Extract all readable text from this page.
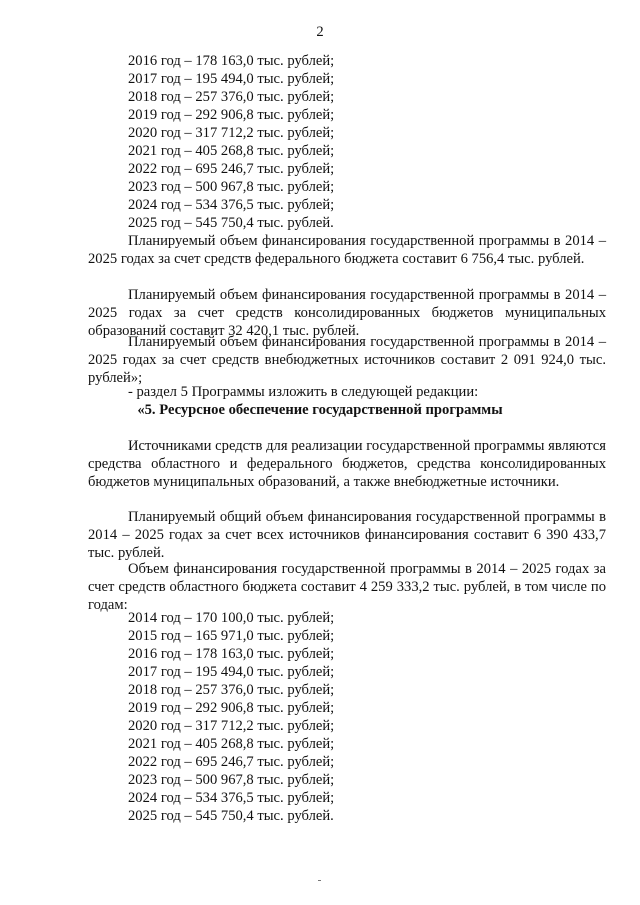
2
2016 год – 178 163,0 тыс. рублей;
2017 год – 195 494,0 тыс. рублей;
2018 год – 257 376,0 тыс. рублей;
2019 год – 292 906,8 тыс. рублей;
2020 год – 317 712,2 тыс. рублей;
2021 год – 405 268,8 тыс. рублей;
2022 год – 695 246,7 тыс. рублей;
2023 год – 500 967,8 тыс. рублей;
2024 год – 534 376,5 тыс. рублей;
2025 год – 545 750,4 тыс. рублей.

Планируемый объем финансирования государственной программы в 2014 – 2025 годах за счет средств федерального бюджета составит 6 756,4 тыс. рублей.

Планируемый объем финансирования государственной программы в 2014 – 2025 годах за счет средств консолидированных бюджетов муниципальных образований составит 32 420,1 тыс. рублей.

Планируемый объем финансирования государственной программы в 2014 – 2025 годах за счет средств внебюджетных источников составит 2 091 924,0 тыс. рублей»;

- раздел 5 Программы изложить в следующей редакции:
«5. Ресурсное обеспечение государственной программы

Источниками средств для реализации государственной программы являются средства областного и федерального бюджетов, средства консолидированных бюджетов муниципальных образований, а также внебюджетные источники.

Планируемый общий объем финансирования государственной программы в 2014 – 2025 годах за счет всех источников финансирования составит 6 390 433,7 тыс. рублей.

Объем финансирования государственной программы в 2014 – 2025 годах за счет средств областного бюджета составит 4 259 333,2 тыс. рублей, в том числе по годам:

2014 год – 170 100,0 тыс. рублей;
2015 год – 165 971,0 тыс. рублей;
2016 год – 178 163,0 тыс. рублей;
2017 год – 195 494,0 тыс. рублей;
2018 год – 257 376,0 тыс. рублей;
2019 год – 292 906,8 тыс. рублей;
2020 год – 317 712,2 тыс. рублей;
2021 год – 405 268,8 тыс. рублей;
2022 год – 695 246,7 тыс. рублей;
2023 год – 500 967,8 тыс. рублей;
2024 год – 534 376,5 тыс. рублей;
2025 год – 545 750,4 тыс. рублей.
